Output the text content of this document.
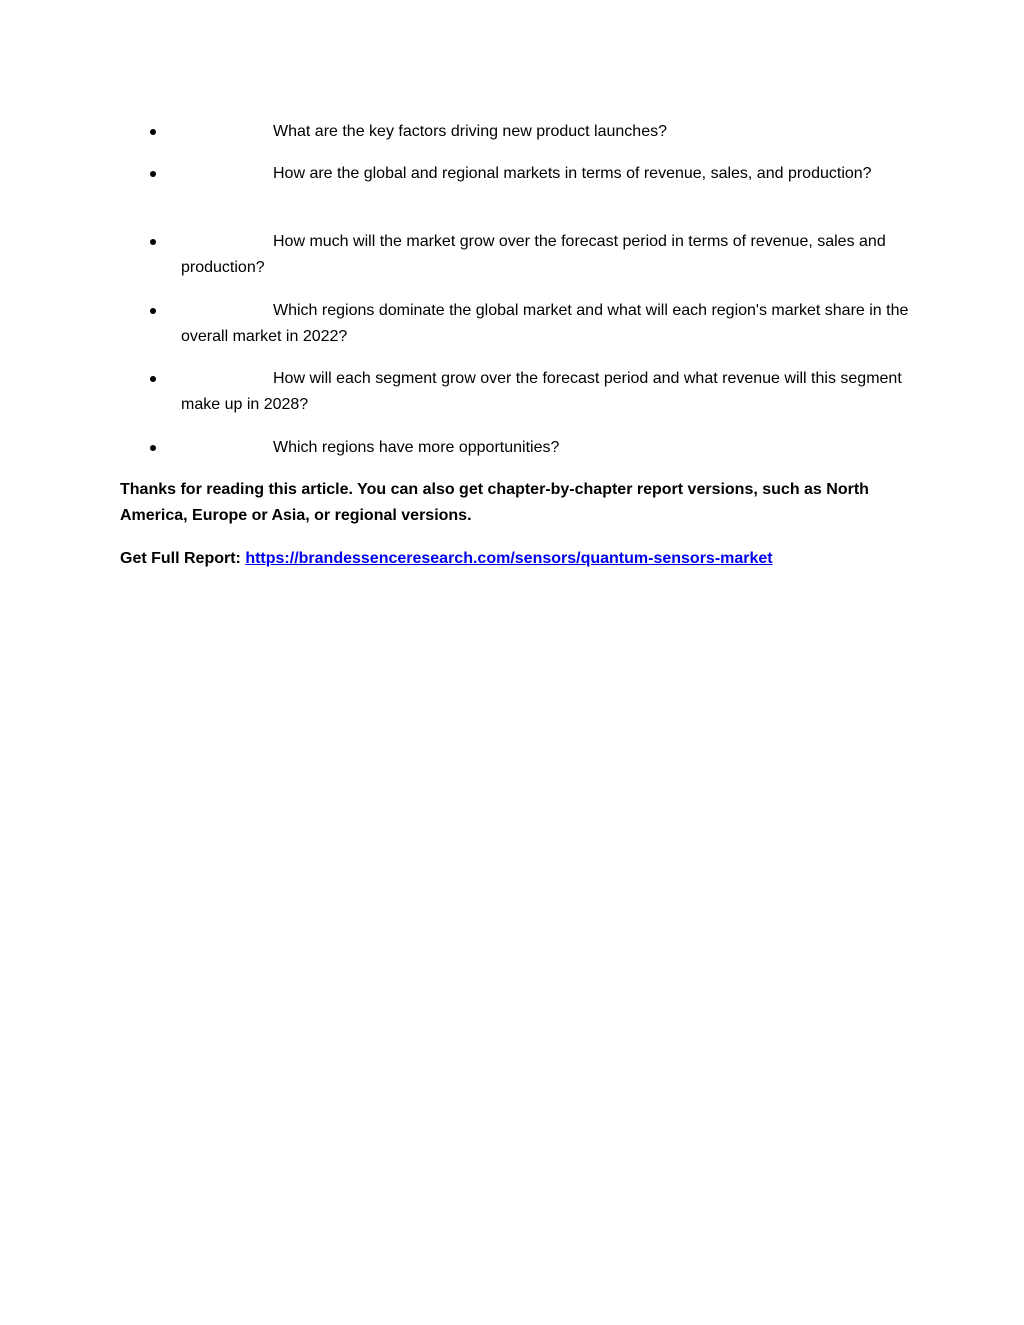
What are the key factors driving new product launches?
How are the global and regional markets in terms of revenue, sales, and production?
How much will the market grow over the forecast period in terms of revenue, sales and production?
Which regions dominate the global market and what will each region's market share in the overall market in 2022?
How will each segment grow over the forecast period and what revenue will this segment make up in 2028?
Which regions have more opportunities?

Thanks for reading this article. You can also get chapter-by-chapter report versions, such as North America, Europe or Asia, or regional versions.

Get Full Report: https://brandessenceresearch.com/sensors/quantum-sensors-market
